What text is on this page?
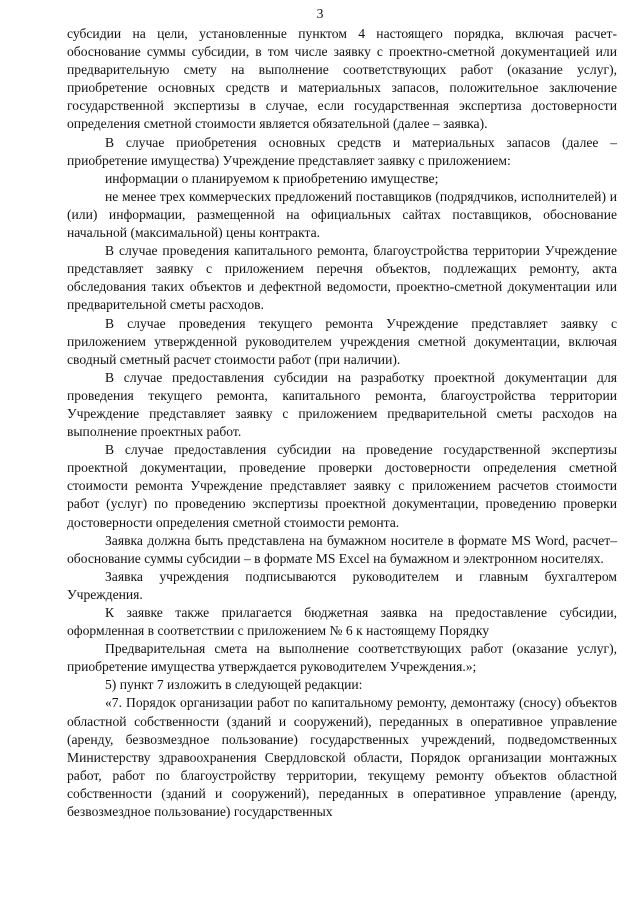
3

субсидии на цели, установленные пунктом 4 настоящего порядка, включая расчет-обоснование суммы субсидии, в том числе заявку с проектно-сметной документацией или предварительную смету на выполнение соответствующих работ (оказание услуг), приобретение основных средств и материальных запасов, положительное заключение государственной экспертизы в случае, если государственная экспертиза достоверности определения сметной стоимости является обязательной (далее – заявка).

В случае приобретения основных средств и материальных запасов (далее – приобретение имущества) Учреждение представляет заявку с приложением:

информации о планируемом к приобретению имуществе;

не менее трех коммерческих предложений поставщиков (подрядчиков, исполнителей) и (или) информации, размещенной на официальных сайтах поставщиков, обоснование начальной (максимальной) цены контракта.

В случае проведения капитального ремонта, благоустройства территории Учреждение представляет заявку с приложением перечня объектов, подлежащих ремонту, акта обследования таких объектов и дефектной ведомости, проектно-сметной документации или предварительной сметы расходов.

В случае проведения текущего ремонта Учреждение представляет заявку с приложением утвержденной руководителем учреждения сметной документации, включая сводный сметный расчет стоимости работ (при наличии).

В случае предоставления субсидии на разработку проектной документации для проведения текущего ремонта, капитального ремонта, благоустройства территории Учреждение представляет заявку с приложением предварительной сметы расходов на выполнение проектных работ.

В случае предоставления субсидии на проведение государственной экспертизы проектной документации, проведение проверки достоверности определения сметной стоимости ремонта Учреждение представляет заявку с приложением расчетов стоимости работ (услуг) по проведению экспертизы проектной документации, проведению проверки достоверности определения сметной стоимости ремонта.

Заявка должна быть представлена на бумажном носителе в формате MS Word, расчет–обоснование суммы субсидии – в формате MS Excel на бумажном и электронном носителях.

Заявка учреждения подписываются руководителем и главным бухгалтером Учреждения.

К заявке также прилагается бюджетная заявка на предоставление субсидии, оформленная в соответствии с приложением № 6 к настоящему Порядку

Предварительная смета на выполнение соответствующих работ (оказание услуг), приобретение имущества утверждается руководителем Учреждения.»;

5) пункт 7 изложить в следующей редакции:

«7. Порядок организации работ по капитальному ремонту, демонтажу (сносу) объектов областной собственности (зданий и сооружений), переданных в оперативное управление (аренду, безвозмездное пользование) государственных учреждений, подведомственных Министерству здравоохранения Свердловской области, Порядок организации монтажных работ, работ по благоустройству территории, текущему ремонту объектов областной собственности (зданий и сооружений), переданных в оперативное управление (аренду, безвозмездное пользование) государственных
